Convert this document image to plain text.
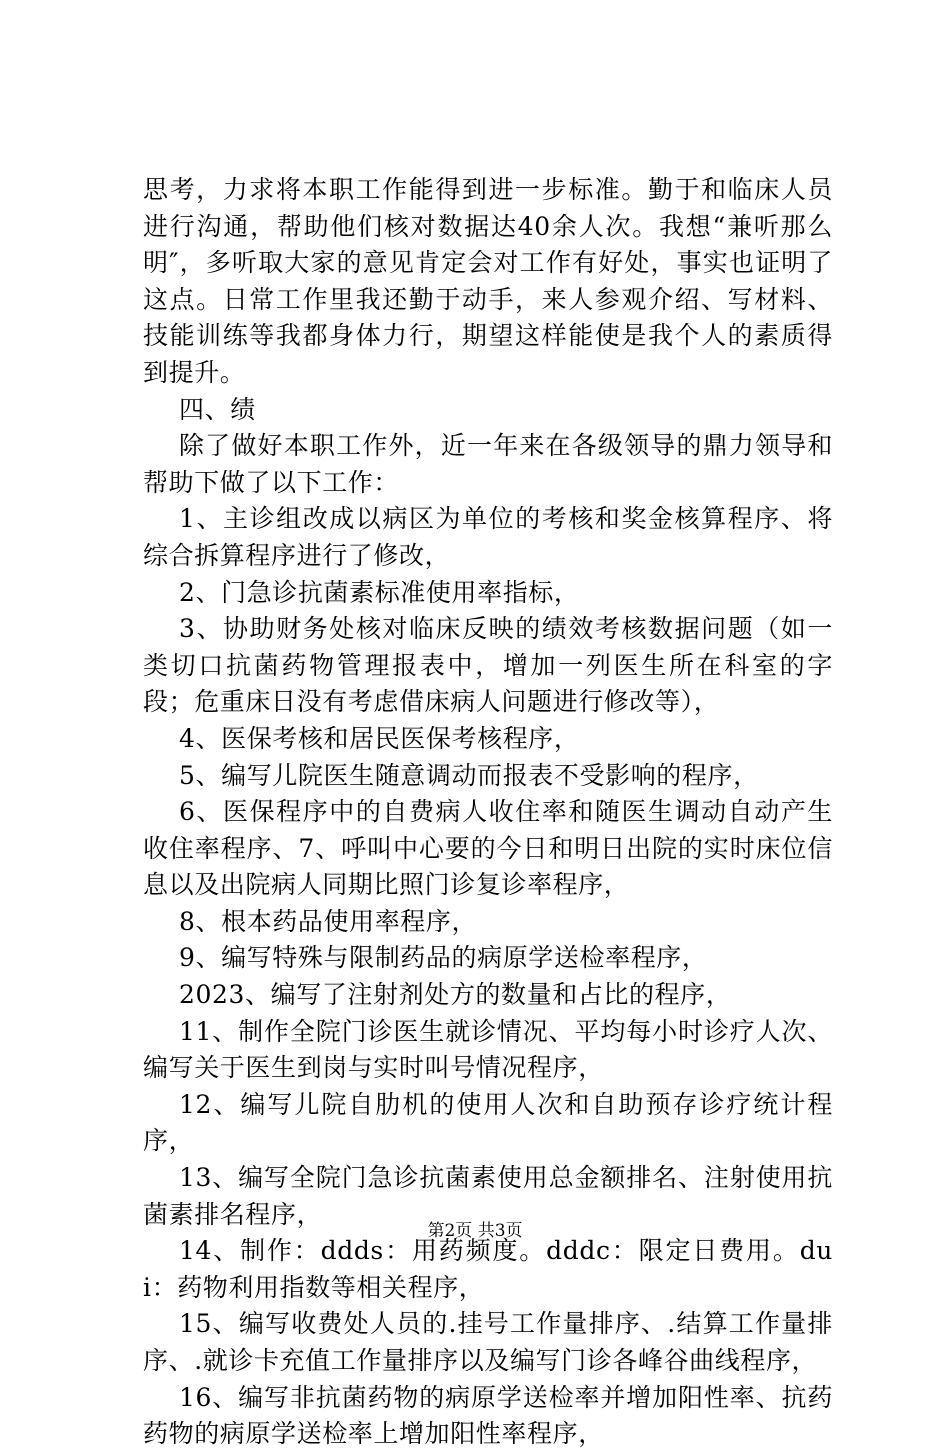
思考，力求将本职工作能得到进一步标准。勤于和临床人员进行沟通，帮助他们核对数据达40余人次。我想“兼听那么明″，多听取大家的意见肯定会对工作有好处，事实也证明了这点。日常工作里我还勤于动手，来人参观介绍、写材料、技能训练等我都身体力行，期望这样能使是我个人的素质得到提升。

四、绩

除了做好本职工作外，近一年来在各级领导的鼎力领导和帮助下做了以下工作：

1、主诊组改成以病区为单位的考核和奖金核算程序、将综合拆算程序进行了修改，

2、门急诊抗菌素标准使用率指标，

3、协助财务处核对临床反映的绩效考核数据问题（如一类切口抗菌药物管理报表中，增加一列医生所在科室的字段；危重床日没有考虑借床病人问题进行修改等），

4、医保考核和居民医保考核程序，

5、编写儿院医生随意调动而报表不受影响的程序，

6、医保程序中的自费病人收住率和随医生调动自动产生收住率程序、7、呼叫中心要的今日和明日出院的实时床位信息以及出院病人同期比照门诊复诊率程序，

8、根本药品使用率程序，

9、编写特殊与限制药品的病原学送检率程序，

2023、编写了注射剂处方的数量和占比的程序，

11、制作全院门诊医生就诊情况、平均每小时诊疗人次、编写关于医生到岗与实时叫号情况程序，

12、编写儿院自肋机的使用人次和自助预存诊疗统计程序，

13、编写全院门急诊抗菌素使用总金额排名、注射使用抗菌素排名程序，

14、制作：ddds：用药频度。dddc：限定日费用。dui：药物利用指数等相关程序，

15、编写收费处人员的.挂号工作量排序、.结算工作量排序、.就诊卡充值工作量排序以及编写门诊各峰谷曲线程序，

16、编写非抗菌药物的病原学送检率并增加阳性率、抗药药物的病原学送检率上增加阳性率程序，

第2页 共3页
